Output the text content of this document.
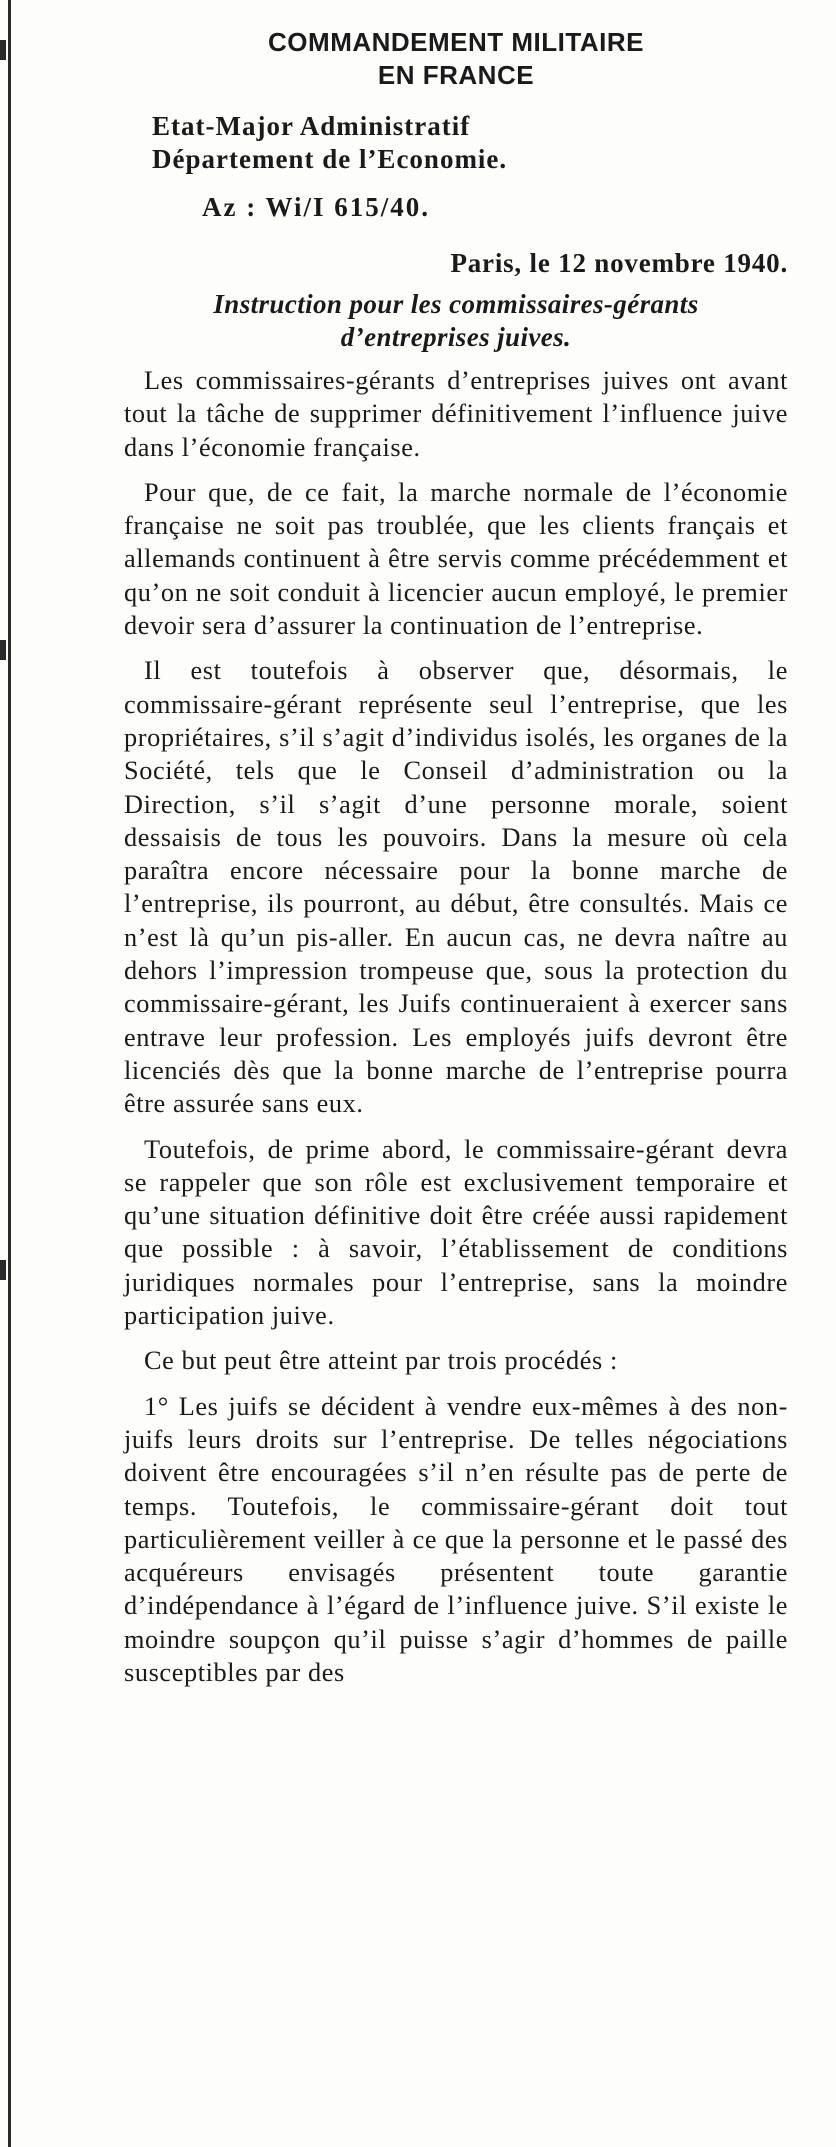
COMMANDEMENT MILITAIRE
EN FRANCE
Etat-Major Administratif
Département de l’Economie.
Az : Wi/I 615/40.
Paris, le 12 novembre 1940.
Instruction pour les commissaires-gérants
d’entreprises juives.

Les commissaires-gérants d’entreprises juives ont avant tout la tâche de supprimer définitivement l’influence juive dans l’économie française.

Pour que, de ce fait, la marche normale de l’économie française ne soit pas troublée, que les clients français et allemands continuent à être servis comme précédemment et qu’on ne soit conduit à licencier aucun employé, le premier devoir sera d’assurer la continuation de l’entreprise.

Il est toutefois à observer que, désormais, le commissaire-gérant représente seul l’entreprise, que les propriétaires, s’il s’agit d’individus isolés, les organes de la Société, tels que le Conseil d’administration ou la Direction, s’il s’agit d’une personne morale, soient dessaisis de tous les pouvoirs. Dans la mesure où cela paraîtra encore nécessaire pour la bonne marche de l’entreprise, ils pourront, au début, être consultés. Mais ce n’est là qu’un pis-aller. En aucun cas, ne devra naître au dehors l’impression trompeuse que, sous la protection du commissaire-gérant, les Juifs continueraient à exercer sans entrave leur profession. Les employés juifs devront être licenciés dès que la bonne marche de l’entreprise pourra être assurée sans eux.

Toutefois, de prime abord, le commissaire-gérant devra se rappeler que son rôle est exclusivement temporaire et qu’une situation définitive doit être créée aussi rapidement que possible : à savoir, l’établissement de conditions juridiques normales pour l’entreprise, sans la moindre participation juive.

Ce but peut être atteint par trois procédés :

1° Les juifs se décident à vendre eux-mêmes à des non-juifs leurs droits sur l’entreprise. De telles négociations doivent être encouragées s’il n’en résulte pas de perte de temps. Toutefois, le commissaire-gérant doit tout particulièrement veiller à ce que la personne et le passé des acquéreurs envisagés présentent toute garantie d’indépendance à l’égard de l’influence juive. S’il existe le moindre soupçon qu’il puisse s’agir d’hommes de paille susceptibles par des
